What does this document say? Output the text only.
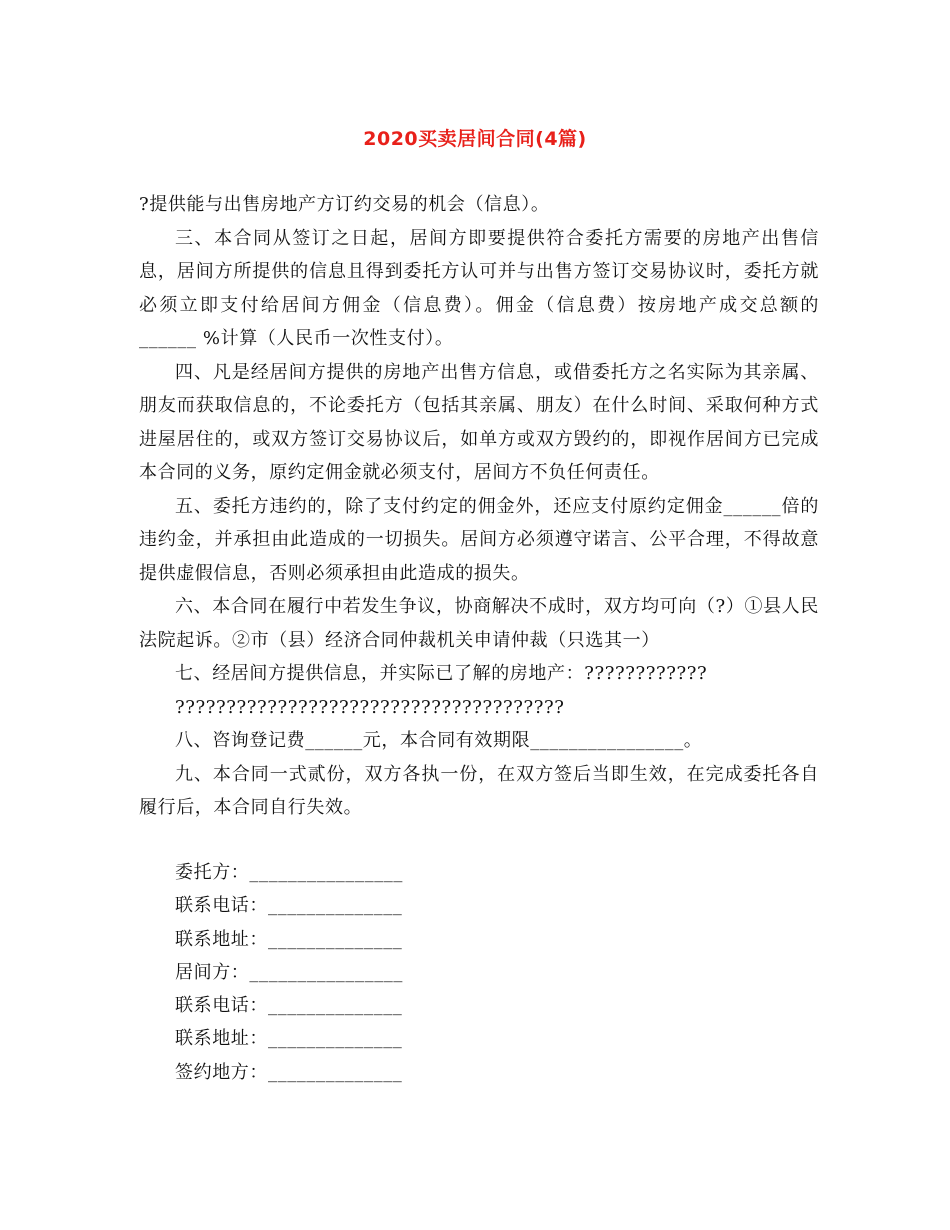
2020买卖居间合同(4篇)

?提供能与出售房地产方订约交易的机会（信息）。

三、本合同从签订之日起，居间方即要提供符合委托方需要的房地产出售信息，居间方所提供的信息且得到委托方认可并与出售方签订交易协议时，委托方就必须立即支付给居间方佣金（信息费）。佣金（信息费）按房地产成交总额的______ %计算（人民币一次性支付）。

四、凡是经居间方提供的房地产出售方信息，或借委托方之名实际为其亲属、朋友而获取信息的，不论委托方（包括其亲属、朋友）在什么时间、采取何种方式进屋居住的，或双方签订交易协议后，如单方或双方毁约的，即视作居间方已完成本合同的义务，原约定佣金就必须支付，居间方不负任何责任。

五、委托方违约的，除了支付约定的佣金外，还应支付原约定佣金______倍的违约金，并承担由此造成的一切损失。居间方必须遵守诺言、公平合理，不得故意提供虚假信息，否则必须承担由此造成的损失。

六、本合同在履行中若发生争议，协商解决不成时，双方均可向（?）①县人民法院起诉。②市（县）经济合同仲裁机关申请仲裁（只选其一）

七、经居间方提供信息，并实际已了解的房地产：????????????

??????????????????????????????????????

八、咨询登记费______元，本合同有效期限________________。

九、本合同一式贰份，双方各执一份，在双方签后当即生效，在完成委托各自履行后，本合同自行失效。

委托方：________________
联系电话：______________
联系地址：______________
居间方：________________
联系电话：______________
联系地址：______________
签约地方：______________
